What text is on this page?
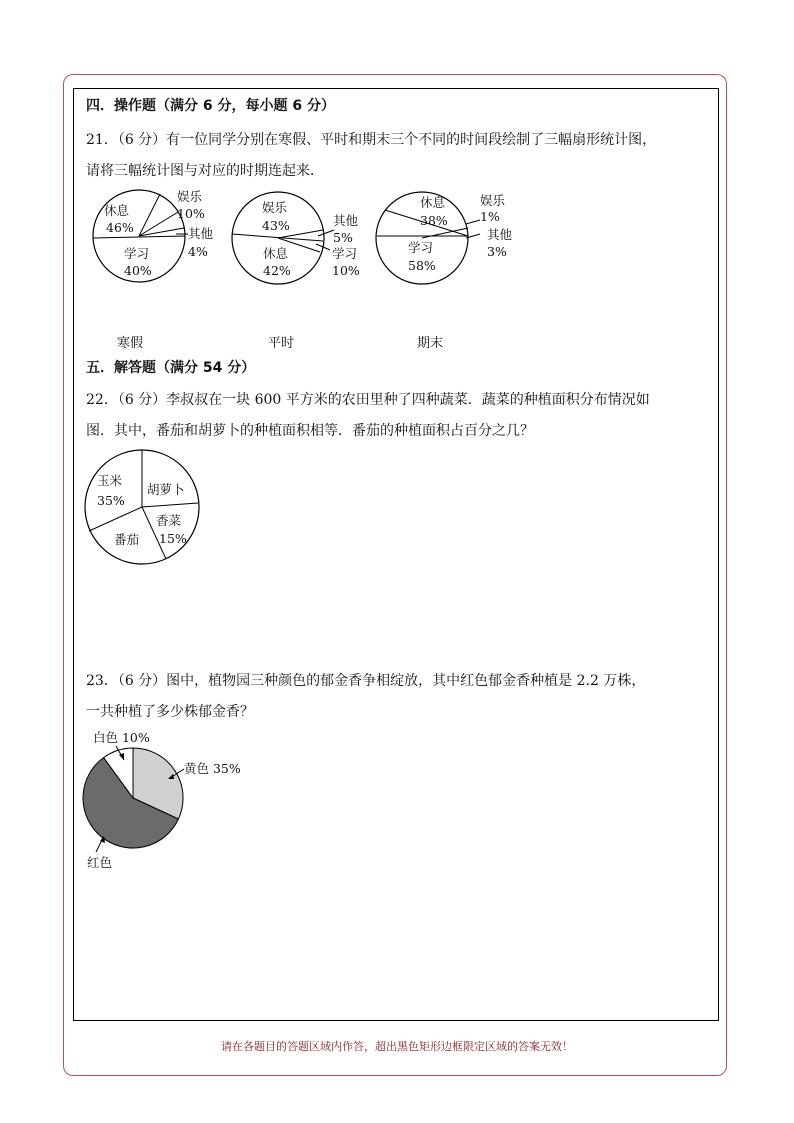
四．操作题（满分 6 分，每小题 6 分）
21．（6 分）有一位同学分别在寒假、平时和期末三个不同的时间段绘制了三幅扇形统计图，
请将三幅统计图与对应的时期连起来．
休息
46%
娱乐
10%
其他
4%
学习
40%
娱乐
43%	其他
5%
休息
42%
学习
10%
休息
38%
娱乐
1%
其他
3%
学习
58%
寒假	平时	期末
五．解答题（满分 54 分）
22．（6 分）李叔叔在一块 600 平方米的农田里种了四种蔬菜．蔬菜的种植面积分布情况如
图．其中，番茄和胡萝卜的种植面积相等．番茄的种植面积占百分之几？
玉米
35%
胡萝卜
香菜
15%
番茄
23．（6 分）图中，植物园三种颜色的郁金香争相绽放，其中红色郁金香种植是 2.2 万株，
一共种植了多少株郁金香？
白色 10%
黄色 35%
红色
请在各题目的答题区域内作答，超出黑色矩形边框限定区域的答案无效！
